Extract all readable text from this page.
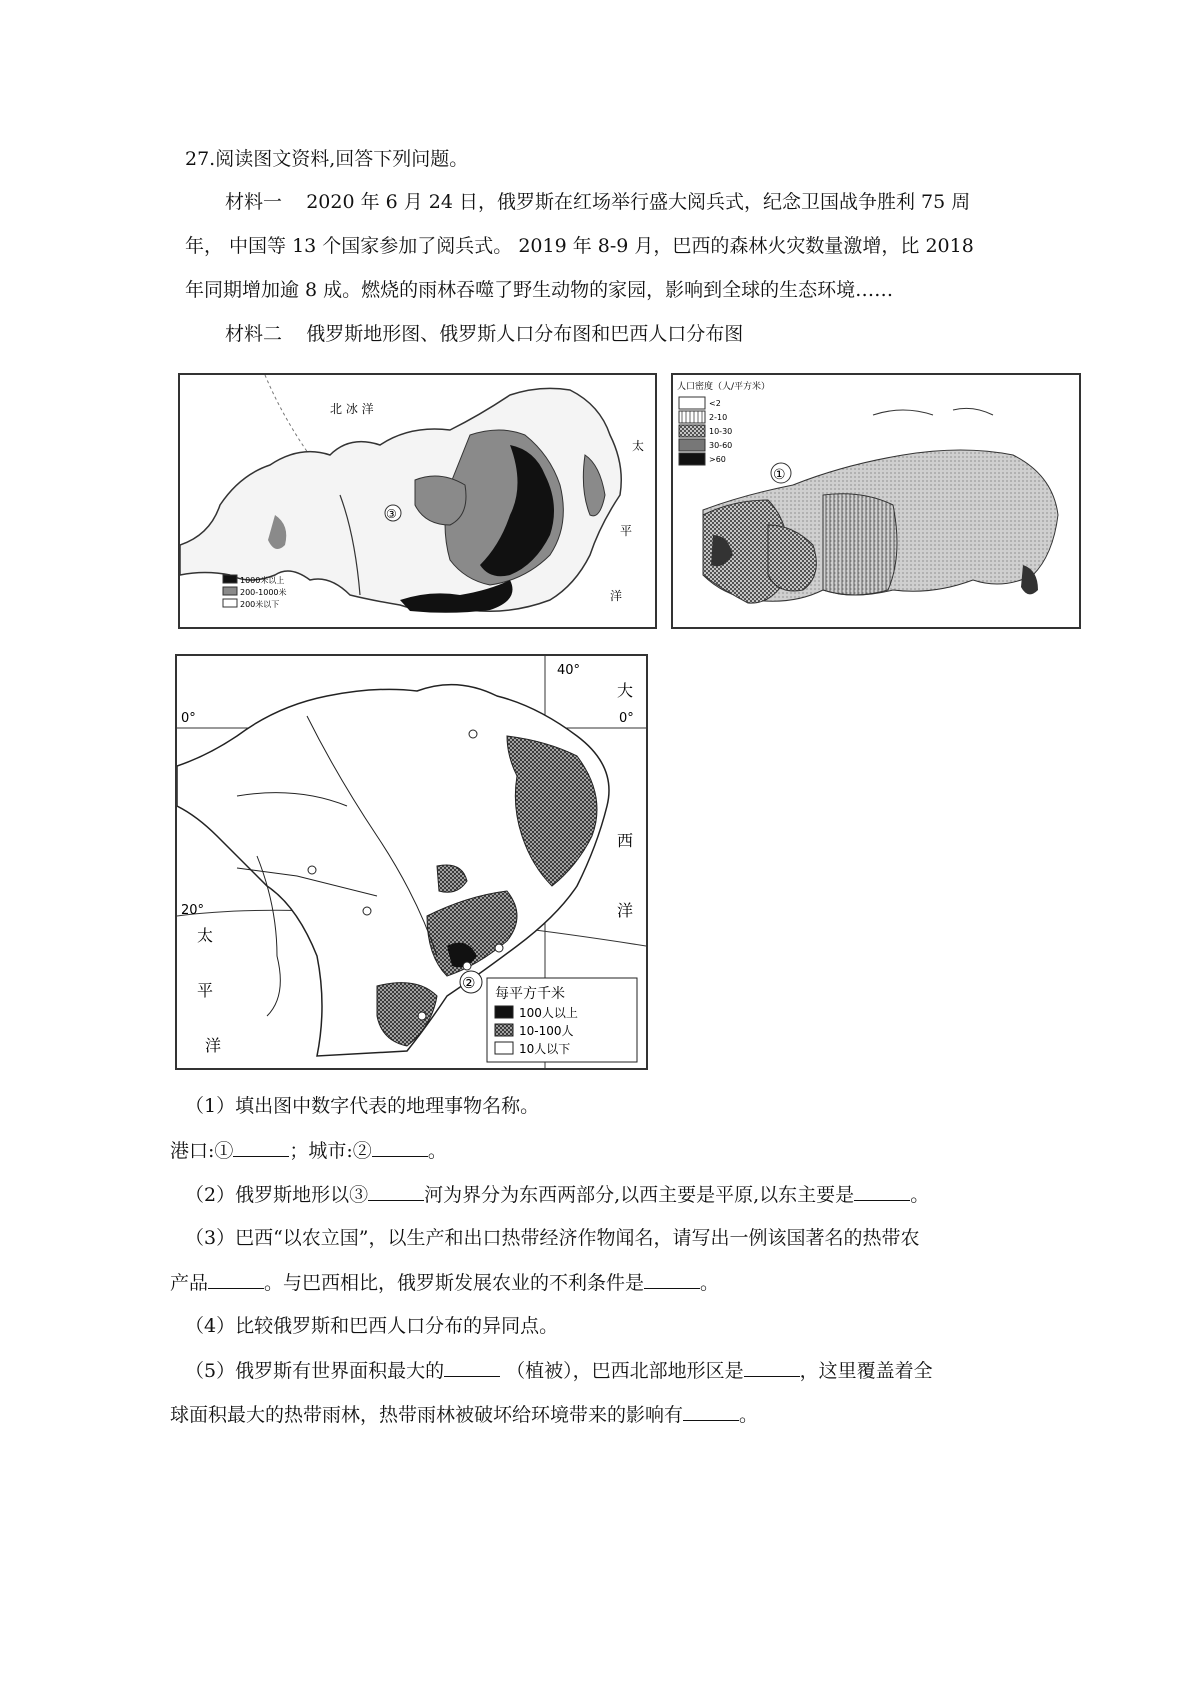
27.阅读图文资料,回答下列问题。
材料一 2020 年 6 月 24 日，俄罗斯在红场举行盛大阅兵式，纪念卫国战争胜利 75 周
年， 中国等 13 个国家参加了阅兵式。 2019 年 8-9 月，巴西的森林火灾数量激增，比 2018
年同期增加逾 8 成。燃烧的雨林吞噬了野生动物的家园，影响到全球的生态环境……
材料二 俄罗斯地形图、俄罗斯人口分布图和巴西人口分布图
北 冰 洋
太
平
洋
③
1000米以上
200-1000米
200米以下
人口密度（人/平方米）
<2
2-10
10-30
30-60
>60
①
40°
0°	0°
20°
大
西
洋
太
平
洋
②
每平方千米
100人以上
10-100人
10人以下
（1）填出图中数字代表的地理事物名称。
港口:①	；城市:②	。
（2）俄罗斯地形以③	河为界分为东西两部分,以西主要是平原,以东主要是	。
（3）巴西“以农立国”，以生产和出口热带经济作物闻名，请写出一例该国著名的热带农
产品	。与巴西相比，俄罗斯发展农业的不利条件是	。
（4）比较俄罗斯和巴西人口分布的异同点。
（5）俄罗斯有世界面积最大的	（植被），巴西北部地形区是	，这里覆盖着全
球面积最大的热带雨林，热带雨林被破坏给环境带来的影响有	。
